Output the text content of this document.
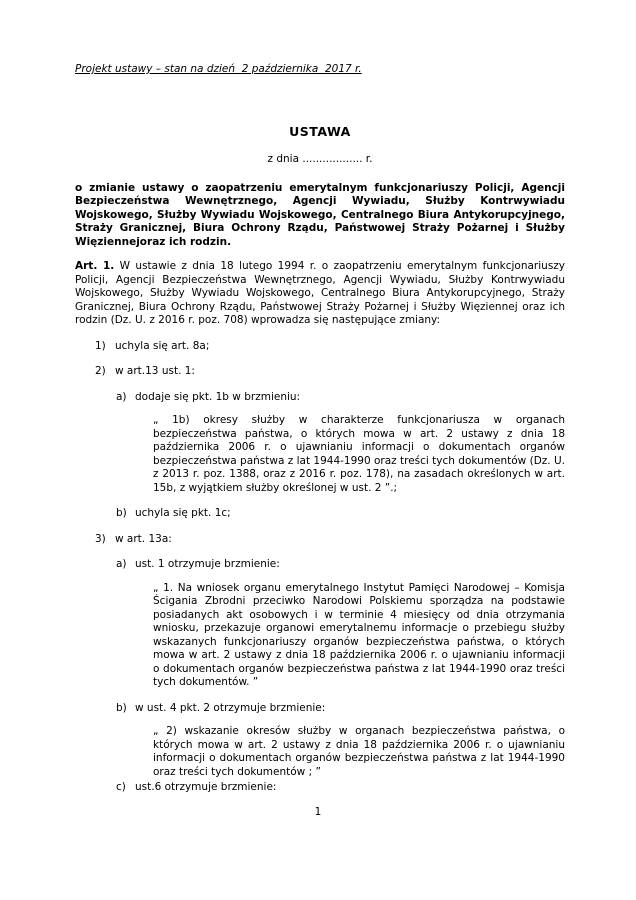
Projekt ustawy – stan na dzień  2 października  2017 r.
USTAWA
z dnia .................. r.

o zmianie ustawy o zaopatrzeniu emerytalnym funkcjonariuszy Policji, Agencji Bezpieczeństwa Wewnętrznego, Agencji Wywiadu, Służby Kontrwywiadu Wojskowego, Służby Wywiadu Wojskowego, Centralnego Biura Antykorupcyjnego, Straży Granicznej, Biura Ochrony Rządu, Państwowej Straży Pożarnej i Służby Więziennejoraz ich rodzin.

Art. 1. W ustawie z dnia 18 lutego 1994 r. o zaopatrzeniu emerytalnym funkcjonariuszy Policji, Agencji Bezpieczeństwa Wewnętrznego, Agencji Wywiadu, Służby Kontrwywiadu Wojskowego, Służby Wywiadu Wojskowego, Centralnego Biura Antykorupcyjnego, Straży Granicznej, Biura Ochrony Rządu, Państwowej Straży Pożarnej i Służby Więziennej oraz ich rodzin (Dz. U. z 2016 r. poz. 708) wprowadza się następujące zmiany:

1) uchyla się art. 8a;
2) w art.13 ust. 1:
a) dodaje się pkt. 1b w brzmieniu:
„ 1b) okresy służby w charakterze funkcjonariusza w organach bezpieczeństwa państwa, o których mowa w art. 2 ustawy z dnia 18 października 2006 r. o ujawnianiu informacji o dokumentach organów bezpieczeństwa państwa z lat 1944-1990 oraz treści tych dokumentów (Dz. U. z 2013 r. poz. 1388, oraz z 2016 r. poz. 178), na zasadach określonych w art. 15b, z wyjątkiem służby określonej w ust. 2 ”.;
b) uchyla się pkt. 1c;
3) w art. 13a:
a) ust. 1 otrzymuje brzmienie:
„ 1. Na wniosek organu emerytalnego Instytut Pamięci Narodowej – Komisja Ścigania Zbrodni przeciwko Narodowi Polskiemu sporządza na podstawie posiadanych akt osobowych i w terminie 4 miesięcy od dnia otrzymania wniosku, przekazuje organowi emerytalnemu informacje o przebiegu służby wskazanych funkcjonariuszy organów bezpieczeństwa państwa, o których mowa w art. 2 ustawy z dnia 18 października 2006 r. o ujawnianiu informacji o dokumentach organów bezpieczeństwa państwa z lat 1944-1990 oraz treści tych dokumentów. ”
b) w ust. 4 pkt. 2 otrzymuje brzmienie:
„ 2) wskazanie okresów służby w organach bezpieczeństwa państwa, o których mowa w art. 2 ustawy z dnia 18 października 2006 r. o ujawnianiu informacji o dokumentach organów bezpieczeństwa państwa z lat 1944-1990 oraz treści tych dokumentów ; ”
c) ust.6 otrzymuje brzmienie:
1
